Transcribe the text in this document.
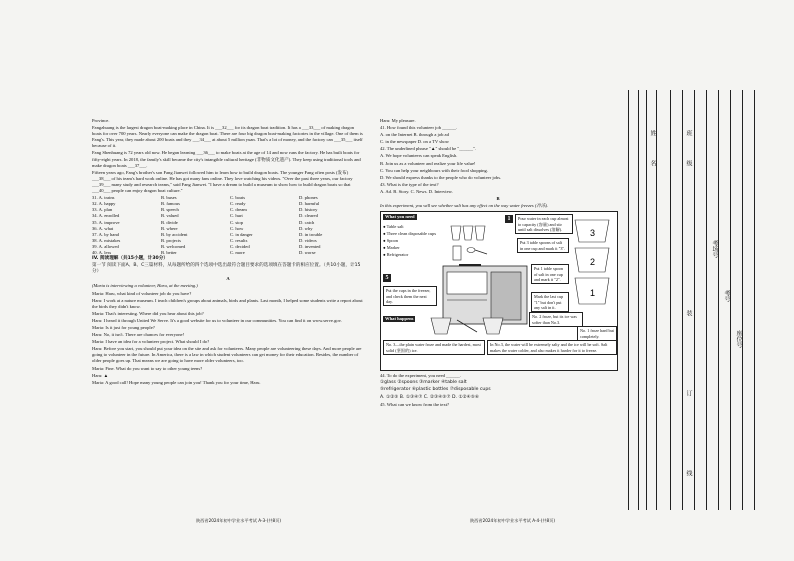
Province.

Fangzhuang is the largest dragon boat-making place in China. It is ___32___ for its dragon boat tradition. It has a ___33___ of making dragon boats for over 700 years. Nearly everyone can make the dragon boat. There are four big dragon boat-making factories in the village. One of them is Fang's. This year, they made about 200 boats and they ___34___ at about 5 million yuan. That's a lot of money, and the factory can ___35___ itself because of it.

Fang Shenhuang is 72 years old now. He began learning ___36___ to make boats at the age of 14 and now runs the factory. He has built boats for fifty-eight years. In 2018, the family's skill became the city's intangible cultural heritage (非物质文化遗产). They keep using traditional tools and make dragon boats ___37___.

Fifteen years ago, Fang's brother's son Fang Jianwei followed him to learn how to build dragon boats. The younger Fang often posts (发布) ___38___ of his team's hard work online. He has got many fans online. They love watching his videos. "Over the past three years, our factory ___39___ many study and research teams," said Fang Jianwei. "I have a dream to build a museum to show how to build dragon boats so that ___40___ people can enjoy dragon boat culture."

31. A. trains	B. buses	C. boats	D. phones
32. A. happy	B. famous	C. ready	D. harmful
33. A. plan	B. speech	C. dream	D. history
34. A. enrolled	B. valued	C. hurt	D. cleared
35. A. improve	B. divide	C. stop	D. catch
36. A. what	B. where	C. how	D. why
37. A. by hand	B. by accident	C. in danger	D. in trouble
38. A. mistakes	B. projects	C. results	D. videos
39. A. allowed	B. welcomed	C. decided	D. invented
40. A. less	B. better	C. more	D. worse

IV. 阅读理解（共15小题，计30分）

第一节 阅读下面A、B、C三篇材料，从每题所给的四个选项中选出最符合题目要求的选项填在答题卡的相应位置。（共10小题，计15分）

A

(Marta is interviewing a volunteer, Haru, at the meeting.)

Marta: Haru, what kind of volunteer job do you have?

Haru: I work at a nature museum. I teach children's groups about animals, birds and plants. Last month, I helped some students write a report about the birds they didn't know.

Marta: That's interesting. Where did you hear about this job?

Haru: I heard it through United We Serve. It's a good website for us to volunteer in our communities. You can find it on www.serve.gov.

Marta: Is it just for young people?

Haru: No, it isn't. There are chances for everyone!

Marta: I have an idea for a volunteer project. What should I do?

Haru: Before you start, you should put your idea on the site and ask for volunteers. Many people are volunteering these days. And more people are going to volunteer in the future. In America, there is a law in which student volunteers can get money for their education. Besides, the number of older people goes up. That means we are going to have more older volunteers, too.

Marta: Fine. What do you want to say to other young teens?

Haru: ▲

Marta: A good call! Hope many young people can join you! Thank you for your time, Haru.

陕西省2024年初中学业水平考试 A-3-(共8页)

Haru: My pleasure.

41. How found this volunteer job ______.

A. on the Internet B. through a job ad

C. in the newspaper D. on a TV show

42. The underlined phrase "▲" should be "______".

A. We hope volunteers can speak English.

B. Join us as a volunteer and realize your life value!

C. You can help your neighbours with their food shopping.

D. We should express thanks to the people who do volunteer jobs.

43. What is the type of the text?

A. Ad. B. Story. C. News. D. Interview.

B

In this experiment, you will see whether salt has any effect on the way water freezes (冷冻).

What you need
● Table salt
● Three clean disposable cups
● Spoon
● Marker
● Refrigerator
1	Pour water in each cup almost to capacity (容量) and stir until salt dissolves (溶解).	3
2
1
Put 3 table spoons of salt in one cup and mark it "3".
Put 1 table spoon of salt in one cup and mark it "2".
Mark the last cup "1" but don't put any salt in it.
5
Put the cups in the freezer, and check them the next day.
What happens	No. 2 froze, but its ice was softer than No.3.
No. 1 froze hard but completely.
No. 3—the plain water froze and made the hardest, most solid (坚固的) ice.
In No.3, the water will be extremely salty and the ice will be soft. Salt makes the water colder, and also makes it harder for it to freeze.

44. To do the experiment, you need ______.

①glass ②spoons ③marker ④table salt

⑤refrigerator ⑥plastic bottles ⑦disposable cups

A. ①②⑤ B. ①③④⑦ C. ②③④⑤⑦ D. ①②④⑤⑥

45. What can we know from the text?

陕西省2024年初中学业水平考试 A-4-(共8页)
姓
名
班
级
考场号
考号
座位号
线
订
装
